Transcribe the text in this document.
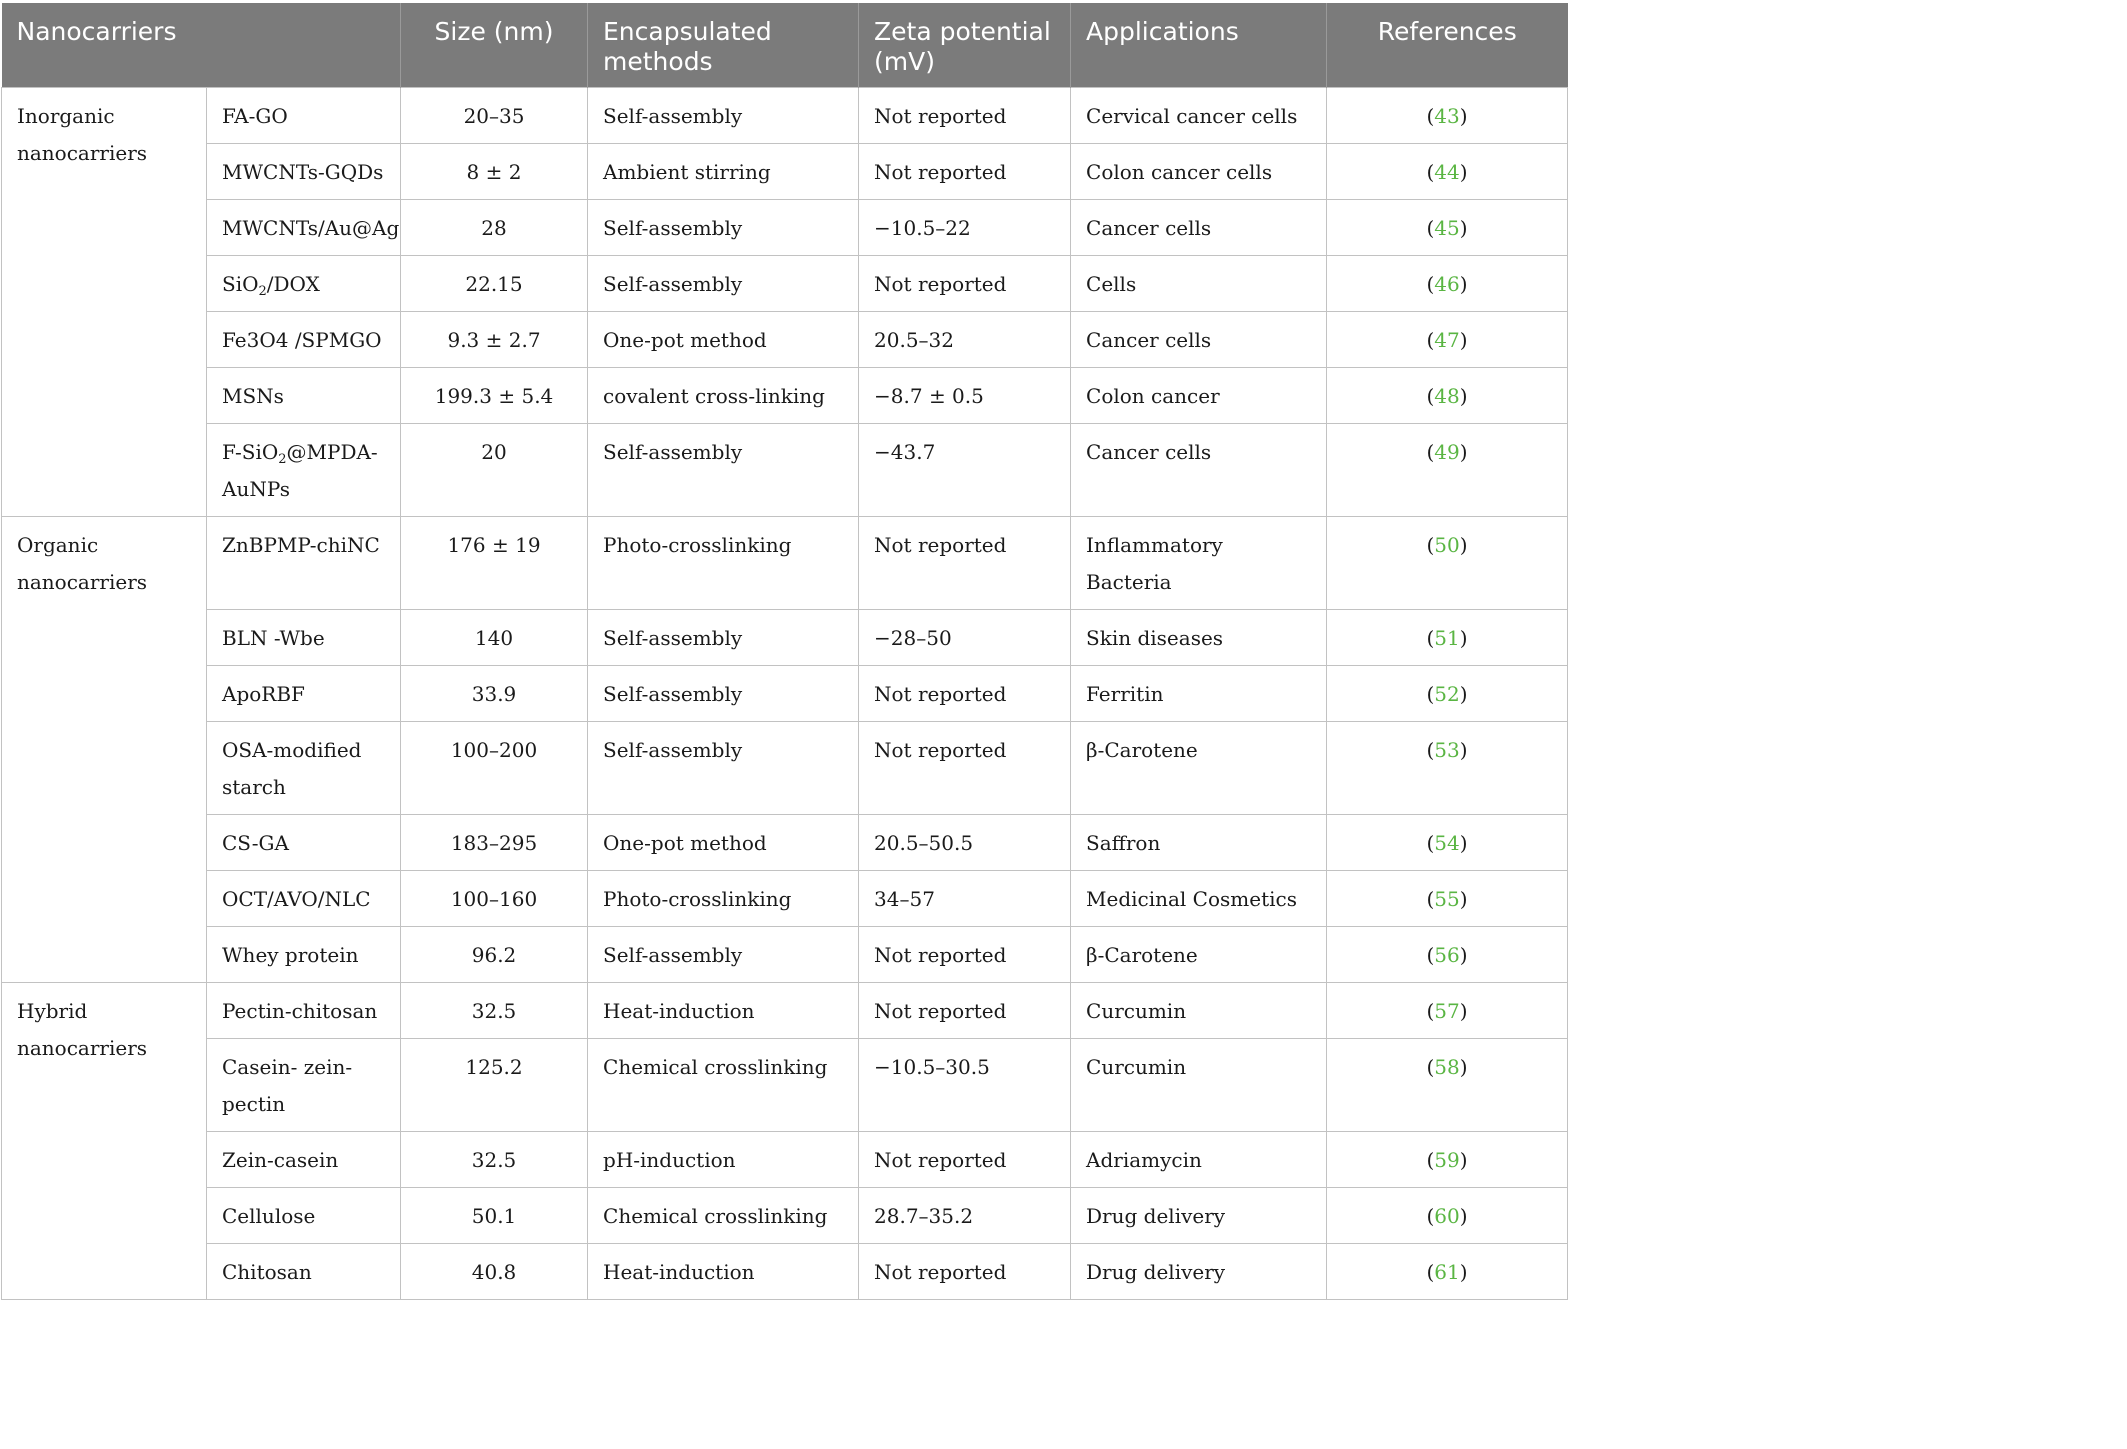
Nanocarriers		Size (nm)	Encapsulated methods	Zeta potential (mV)	Applications	References
Inorganic nanocarriers	FA-GO	20–35	Self-assembly	Not reported	Cervical cancer cells	(43)
	MWCNTs-GQDs	8 ± 2	Ambient stirring	Not reported	Colon cancer cells	(44)
	MWCNTs/Au@Ag	28	Self-assembly	−10.5–22	Cancer cells	(45)
	SiO$_2$/DOX	22.15	Self-assembly	Not reported	Cells	(46)
	Fe3O4 /SPMGO	9.3 ± 2.7	One-pot method	20.5–32	Cancer cells	(47)
	MSNs	199.3 ± 5.4	covalent cross-linking	−8.7 ± 0.5	Colon cancer	(48)
	F-SiO$_2$@MPDA-AuNPs	20	Self-assembly	−43.7	Cancer cells	(49)
Organic nanocarriers	ZnBPMP-chiNC	176 ± 19	Photo-crosslinking	Not reported	Inflammatory Bacteria	(50)
	BLN -Wbe	140	Self-assembly	−28–50	Skin diseases	(51)
	ApoRBF	33.9	Self-assembly	Not reported	Ferritin	(52)
	OSA-modified starch	100–200	Self-assembly	Not reported	β-Carotene	(53)
	CS-GA	183–295	One-pot method	20.5–50.5	Saffron	(54)
	OCT/AVO/NLC	100–160	Photo-crosslinking	34–57	Medicinal Cosmetics	(55)
	Whey protein	96.2	Self-assembly	Not reported	β-Carotene	(56)
Hybrid nanocarriers	Pectin-chitosan	32.5	Heat-induction	Not reported	Curcumin	(57)
	Casein- zein-pectin	125.2	Chemical crosslinking	−10.5–30.5	Curcumin	(58)
	Zein-casein	32.5	pH-induction	Not reported	Adriamycin	(59)
	Cellulose	50.1	Chemical crosslinking	28.7–35.2	Drug delivery	(60)
	Chitosan	40.8	Heat-induction	Not reported	Drug delivery	(61)
